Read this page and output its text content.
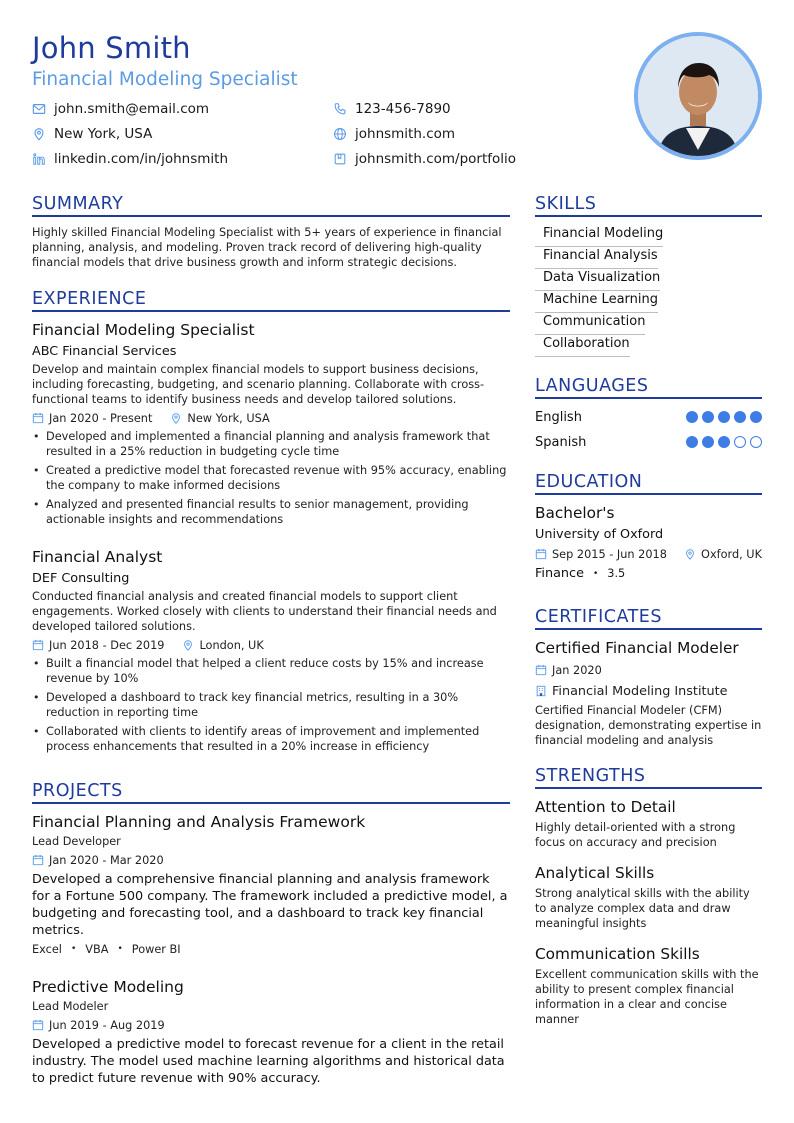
John Smith
Financial Modeling Specialist
john.smith@email.com	123-456-7890
New York, USA	johnsmith.com
linkedin.com/in/johnsmith	johnsmith.com/portfolio
SUMMARY
Highly skilled Financial Modeling Specialist with 5+ years of experience in financial planning, analysis, and modeling. Proven track record of delivering high-quality financial models that drive business growth and inform strategic decisions.
EXPERIENCE
Financial Modeling Specialist
ABC Financial Services
Develop and maintain complex financial models to support business decisions, including forecasting, budgeting, and scenario planning. Collaborate with cross-functional teams to identify business needs and develop tailored solutions.
Jan 2020 - Present	New York, USA
• Developed and implemented a financial planning and analysis framework that resulted in a 25% reduction in budgeting cycle time
• Created a predictive model that forecasted revenue with 95% accuracy, enabling the company to make informed decisions
• Analyzed and presented financial results to senior management, providing actionable insights and recommendations
Financial Analyst
DEF Consulting
Conducted financial analysis and created financial models to support client engagements. Worked closely with clients to understand their financial needs and developed tailored solutions.
Jun 2018 - Dec 2019	London, UK
• Built a financial model that helped a client reduce costs by 15% and increase revenue by 10%
• Developed a dashboard to track key financial metrics, resulting in a 30% reduction in reporting time
• Collaborated with clients to identify areas of improvement and implemented process enhancements that resulted in a 20% increase in efficiency
PROJECTS
Financial Planning and Analysis Framework
Lead Developer
Jan 2020 - Mar 2020
Developed a comprehensive financial planning and analysis framework for a Fortune 500 company. The framework included a predictive model, a budgeting and forecasting tool, and a dashboard to track key financial metrics.
Excel • VBA • Power BI
Predictive Modeling
Lead Modeler
Jun 2019 - Aug 2019
Developed a predictive model to forecast revenue for a client in the retail industry. The model used machine learning algorithms and historical data to predict future revenue with 90% accuracy.
SKILLS
Financial Modeling
Financial Analysis
Data Visualization
Machine Learning
Communication
Collaboration
LANGUAGES
English
Spanish
EDUCATION
Bachelor's
University of Oxford
Sep 2015 - Jun 2018	Oxford, UK
Finance • 3.5
CERTIFICATES
Certified Financial Modeler
Jan 2020
Financial Modeling Institute
Certified Financial Modeler (CFM) designation, demonstrating expertise in financial modeling and analysis
STRENGTHS
Attention to Detail
Highly detail-oriented with a strong focus on accuracy and precision
Analytical Skills
Strong analytical skills with the ability to analyze complex data and draw meaningful insights
Communication Skills
Excellent communication skills with the ability to present complex financial information in a clear and concise manner
